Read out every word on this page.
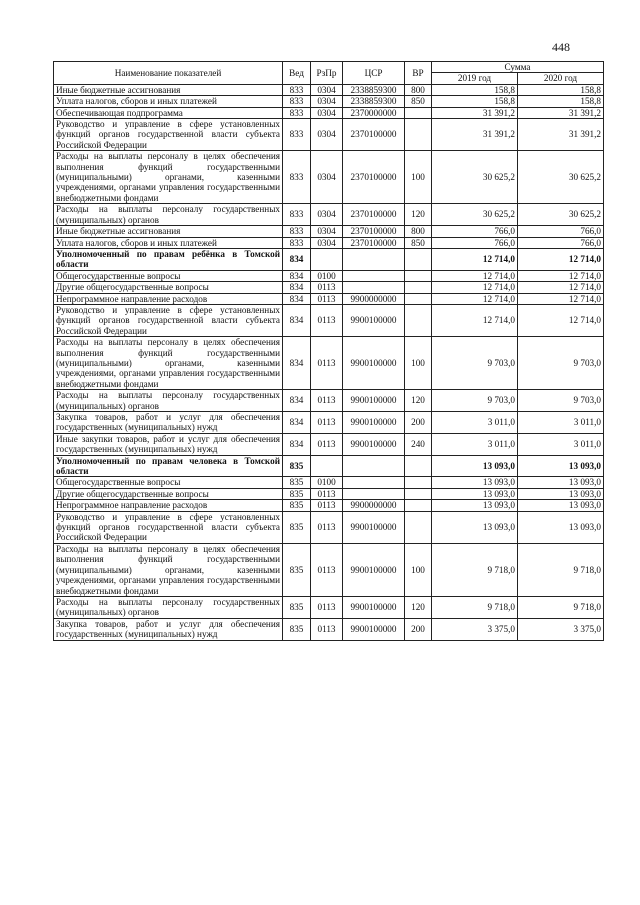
448
Наименование показателей	Вед	РзПр	ЦСР	ВР	Сумма	
					2019 год	2020 год
Иные бюджетные ассигнования	833	0304	2338859300	800	158,8	158,8
Уплата налогов, сборов и иных платежей	833	0304	2338859300	850	158,8	158,8
Обеспечивающая подпрограмма	833	0304	2370000000		31 391,2	31 391,2
Руководство и управление в сфере установленных функций органов государственной власти субъекта Российской Федерации	833	0304	2370100000		31 391,2	31 391,2
Расходы на выплаты персоналу в целях обеспечения выполнения функций государственными (муниципальными) органами, казенными учреждениями, органами управления государственными внебюджетными фондами	833	0304	2370100000	100	30 625,2	30 625,2
Расходы на выплаты персоналу государственных (муниципальных) органов	833	0304	2370100000	120	30 625,2	30 625,2
Иные бюджетные ассигнования	833	0304	2370100000	800	766,0	766,0
Уплата налогов, сборов и иных платежей	833	0304	2370100000	850	766,0	766,0
Уполномоченный по правам ребёнка в Томской области	834				12 714,0	12 714,0
Общегосударственные вопросы	834	0100			12 714,0	12 714,0
Другие общегосударственные вопросы	834	0113			12 714,0	12 714,0
Непрограммное направление расходов	834	0113	9900000000		12 714,0	12 714,0
Руководство и управление в сфере установленных функций органов государственной власти субъекта Российской Федерации	834	0113	9900100000		12 714,0	12 714,0
Расходы на выплаты персоналу в целях обеспечения выполнения функций государственными (муниципальными) органами, казенными учреждениями, органами управления государственными внебюджетными фондами	834	0113	9900100000	100	9 703,0	9 703,0
Расходы на выплаты персоналу государственных (муниципальных) органов	834	0113	9900100000	120	9 703,0	9 703,0
Закупка товаров, работ и услуг для обеспечения государственных (муниципальных) нужд	834	0113	9900100000	200	3 011,0	3 011,0
Иные закупки товаров, работ и услуг для обеспечения государственных (муниципальных) нужд	834	0113	9900100000	240	3 011,0	3 011,0
Уполномоченный по правам человека в Томской области	835				13 093,0	13 093,0
Общегосударственные вопросы	835	0100			13 093,0	13 093,0
Другие общегосударственные вопросы	835	0113			13 093,0	13 093,0
Непрограммное направление расходов	835	0113	9900000000		13 093,0	13 093,0
Руководство и управление в сфере установленных функций органов государственной власти субъекта Российской Федерации	835	0113	9900100000		13 093,0	13 093,0
Расходы на выплаты персоналу в целях обеспечения выполнения функций государственными (муниципальными) органами, казенными учреждениями, органами управления государственными внебюджетными фондами	835	0113	9900100000	100	9 718,0	9 718,0
Расходы на выплаты персоналу государственных (муниципальных) органов	835	0113	9900100000	120	9 718,0	9 718,0
Закупка товаров, работ и услуг для обеспечения государственных (муниципальных) нужд	835	0113	9900100000	200	3 375,0	3 375,0
